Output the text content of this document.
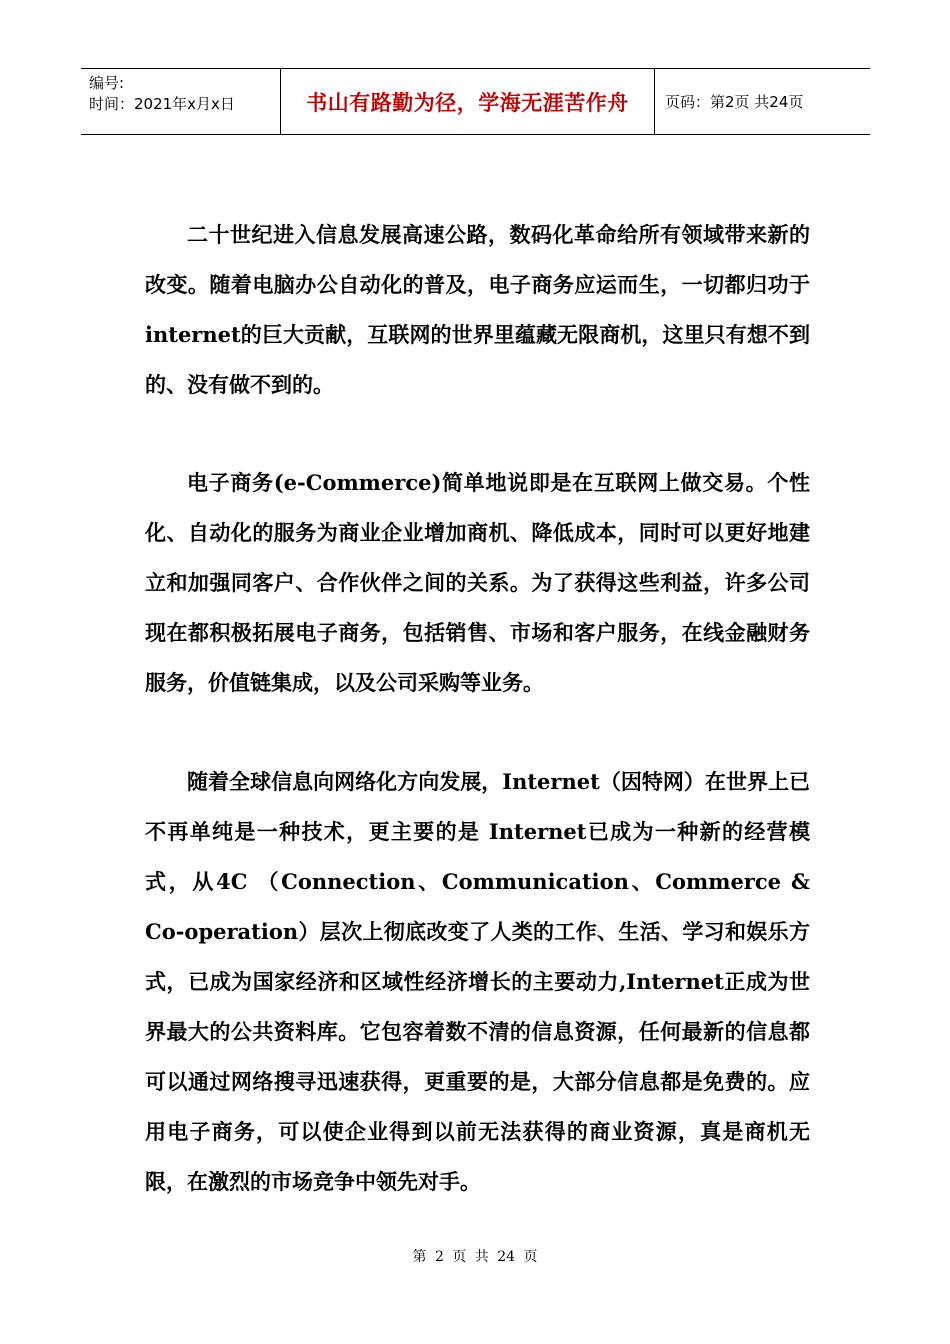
编号:
时间：2021年x月x日	书山有路勤为径，学海无涯苦作舟	页码：第2页 共24页

二十世纪进入信息发展高速公路，数码化革命给所有领域带来新的改变。随着电脑办公自动化的普及，电子商务应运而生，一切都归功于internet的巨大贡献，互联网的世界里蕴藏无限商机，这里只有想不到的、没有做不到的。

电子商务(e-Commerce)简单地说即是在互联网上做交易。个性化、自动化的服务为商业企业增加商机、降低成本，同时可以更好地建立和加强同客户、合作伙伴之间的关系。为了获得这些利益，许多公司现在都积极拓展电子商务，包括销售、市场和客户服务，在线金融财务服务，价值链集成，以及公司采购等业务。

随着全球信息向网络化方向发展，Internet（因特网）在世界上已不再单纯是一种技术，更主要的是 Internet已成为一种新的经营模式，从4C （Connection、Communication、Commerce & Co-operation）层次上彻底改变了人类的工作、生活、学习和娱乐方式，已成为国家经济和区域性经济增长的主要动力,Internet正成为世界最大的公共资料库。它包容着数不清的信息资源，任何最新的信息都可以通过网络搜寻迅速获得，更重要的是，大部分信息都是免费的。应用电子商务，可以使企业得到以前无法获得的商业资源，真是商机无限，在激烈的市场竞争中领先对手。

第 2 页 共 24 页
